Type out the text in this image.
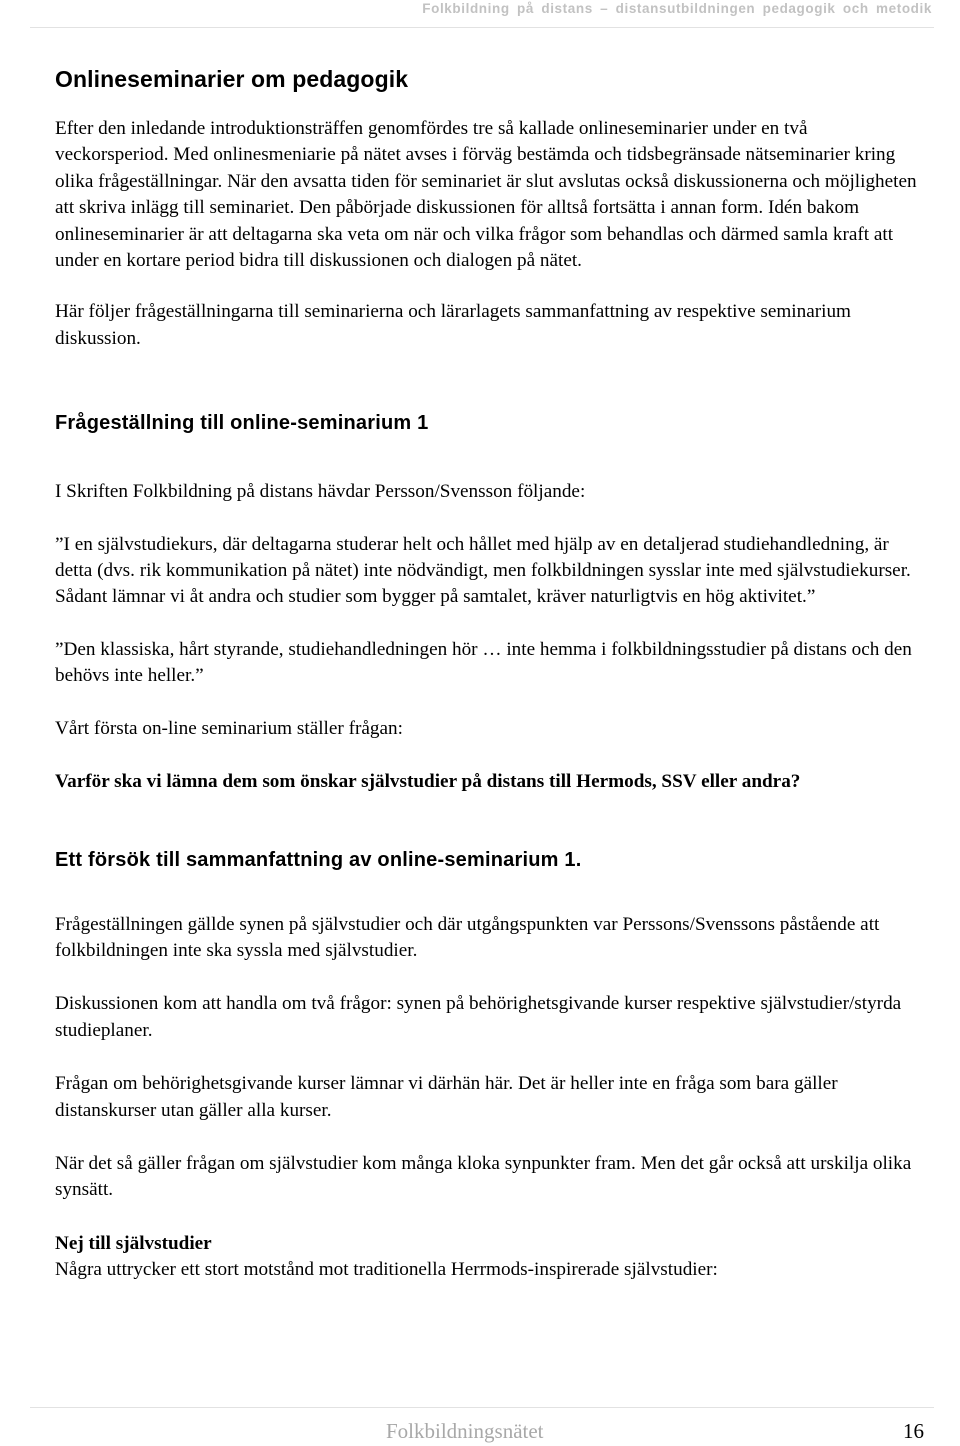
Folkbildning på distans – distansutbildningen pedagogik och metodik
Onlineseminarier om pedagogik

Efter den inledande introduktionsträffen genomfördes tre så kallade onlineseminarier under en två veckorsperiod. Med onlinesmeniarie på nätet avses i förväg bestämda och tidsbegränsade nätseminarier kring olika frågeställningar. När den avsatta tiden för seminariet är slut avslutas också diskussionerna och möjligheten att skriva inlägg till seminariet. Den påbörjade diskussionen för alltså fortsätta i annan form. Idén bakom onlineseminarier är att deltagarna ska veta om när och vilka frågor som behandlas och därmed samla kraft att under en kortare period bidra till diskussionen och dialogen på nätet.

Här följer frågeställningarna till seminarierna och lärarlagets sammanfattning av respektive seminarium diskussion.

Frågeställning till online-seminarium 1

I Skriften Folkbildning på distans hävdar Persson/Svensson följande:

”I en självstudiekurs, där deltagarna studerar helt och hållet med hjälp av en detaljerad studiehandledning, är detta (dvs. rik kommunikation på nätet) inte nödvändigt, men folkbildningen sysslar inte med självstudiekurser. Sådant lämnar vi åt andra och studier som bygger på samtalet, kräver naturligtvis en hög aktivitet.”

”Den klassiska, hårt styrande, studiehandledningen hör … inte hemma i folkbildningsstudier på distans och den behövs inte heller.”

Vårt första on-line seminarium ställer frågan:

Varför ska vi lämna dem som önskar självstudier på distans till Hermods, SSV eller andra?

Ett försök till sammanfattning av online-seminarium 1.

Frågeställningen gällde synen på självstudier och där utgångspunkten var Perssons/Svenssons påstående att folkbildningen inte ska syssla med självstudier.

Diskussionen kom att handla om två frågor: synen på behörighetsgivande kurser respektive självstudier/styrda studieplaner.

Frågan om behörighetsgivande kurser lämnar vi därhän här. Det är heller inte en fråga som bara gäller distanskurser utan gäller alla kurser.

När det så gäller frågan om självstudier kom många kloka synpunkter fram. Men det går också att urskilja olika synsätt.

Nej till självstudier

Några uttrycker ett stort motstånd mot traditionella Herrmods-inspirerade självstudier:

Folkbildningsnätet	16
